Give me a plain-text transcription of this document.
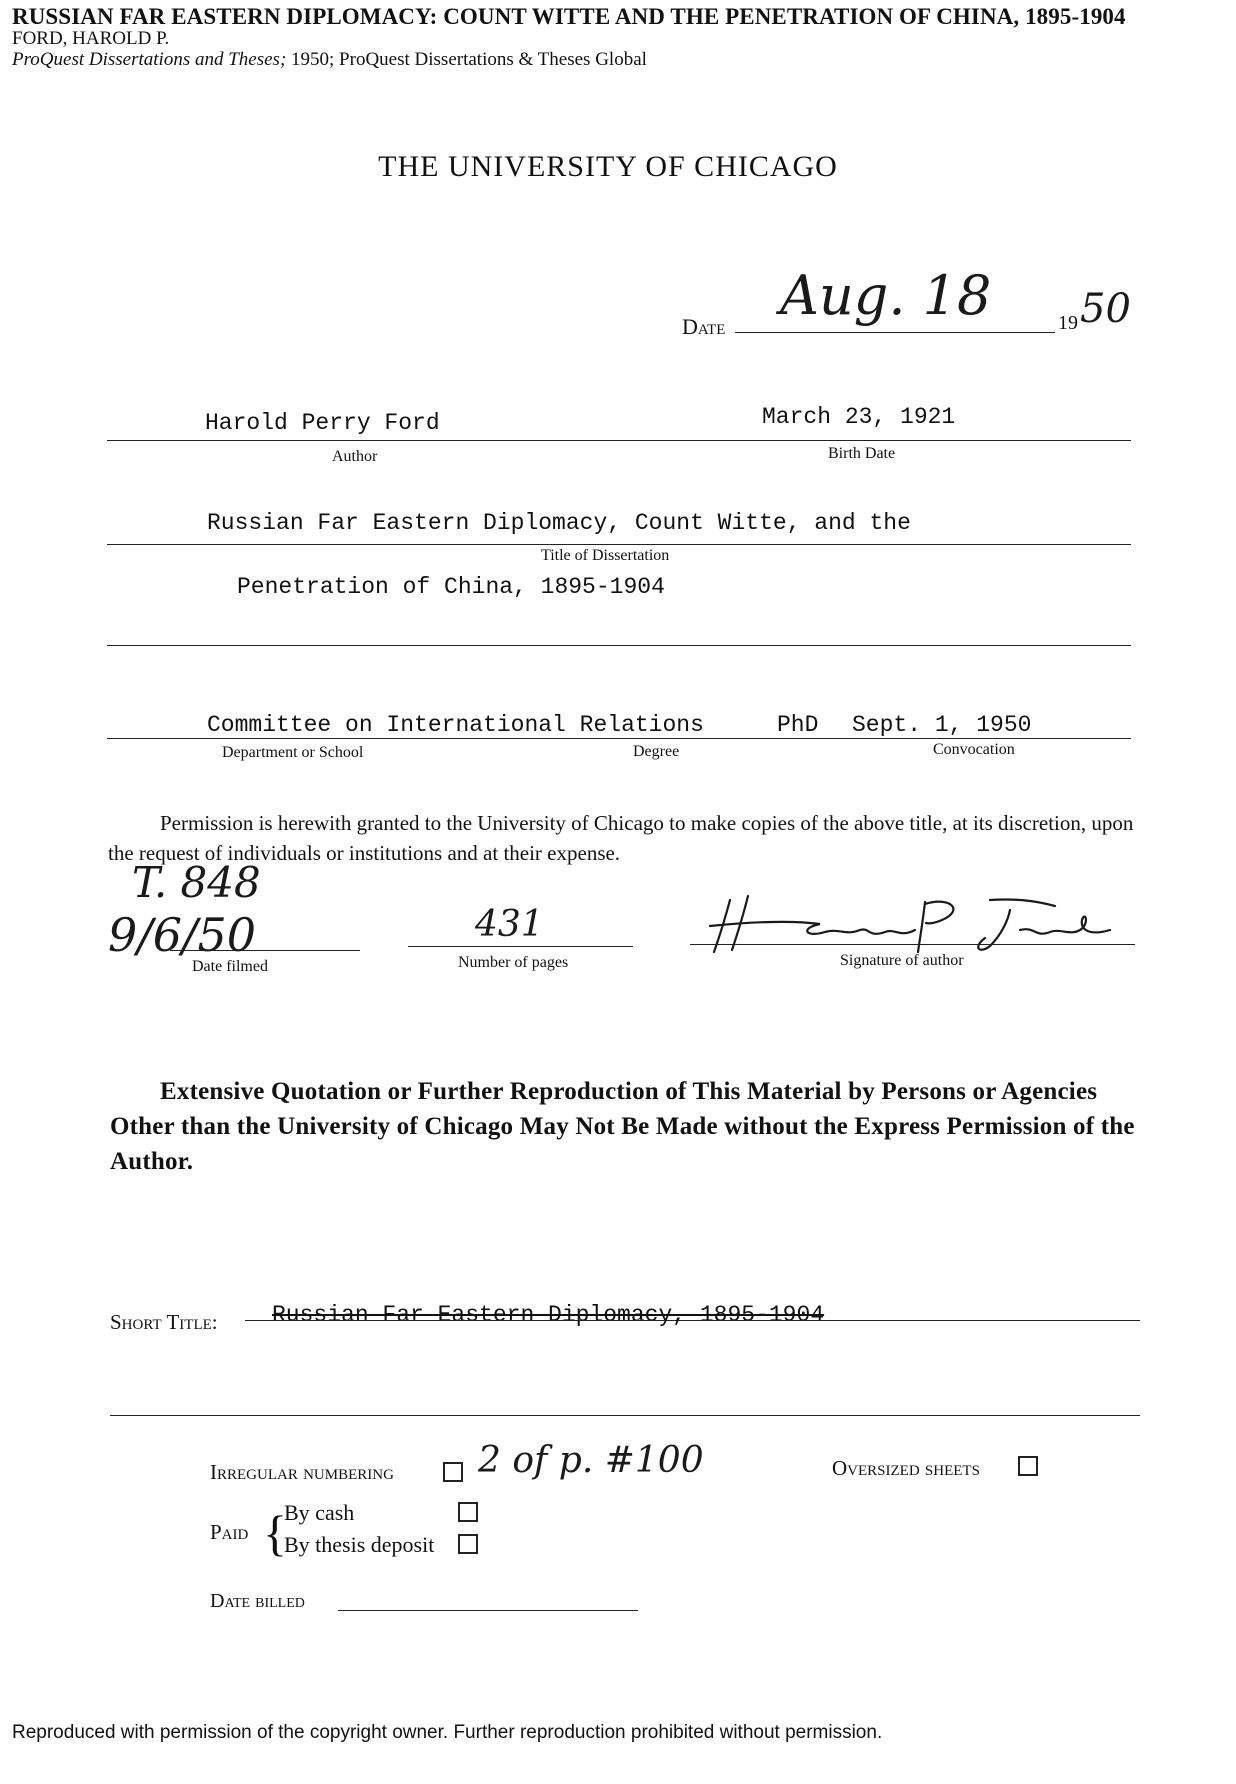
RUSSIAN FAR EASTERN DIPLOMACY: COUNT WITTE AND THE PENETRATION OF CHINA, 1895-1904
FORD, HAROLD P.
ProQuest Dissertations and Theses; 1950; ProQuest Dissertations & Theses Global
THE UNIVERSITY OF CHICAGO
Date Aug. 18	19 50
Harold Perry Ford	March 23, 1921
Author	Birth Date
Russian Far Eastern Diplomacy, Count Witte, and the
Title of Dissertation
Penetration of China, 1895-1904
Committee on International Relations	PhD Sept. 1, 1950
Department or School	Degree	Convocation
Permission is herewith granted to the University of Chicago to make copies of the above title, at its discretion, upon the request of individuals or institutions and at their expense.
T. 848
9/6/50
Date filmed
431
Number of pages	Signature of author
Extensive Quotation or Further Reproduction of This Material by Persons or Agencies Other than the University of Chicago May Not Be Made without the Express Permission of the Author.
Short Title: Russian Far Eastern Diplomacy, 1895-1904
Irregular numbering 2 of p. #100	Oversized sheets
Paid {
By cash
By thesis deposit
Date billed
Reproduced with permission of the copyright owner. Further reproduction prohibited without permission.
